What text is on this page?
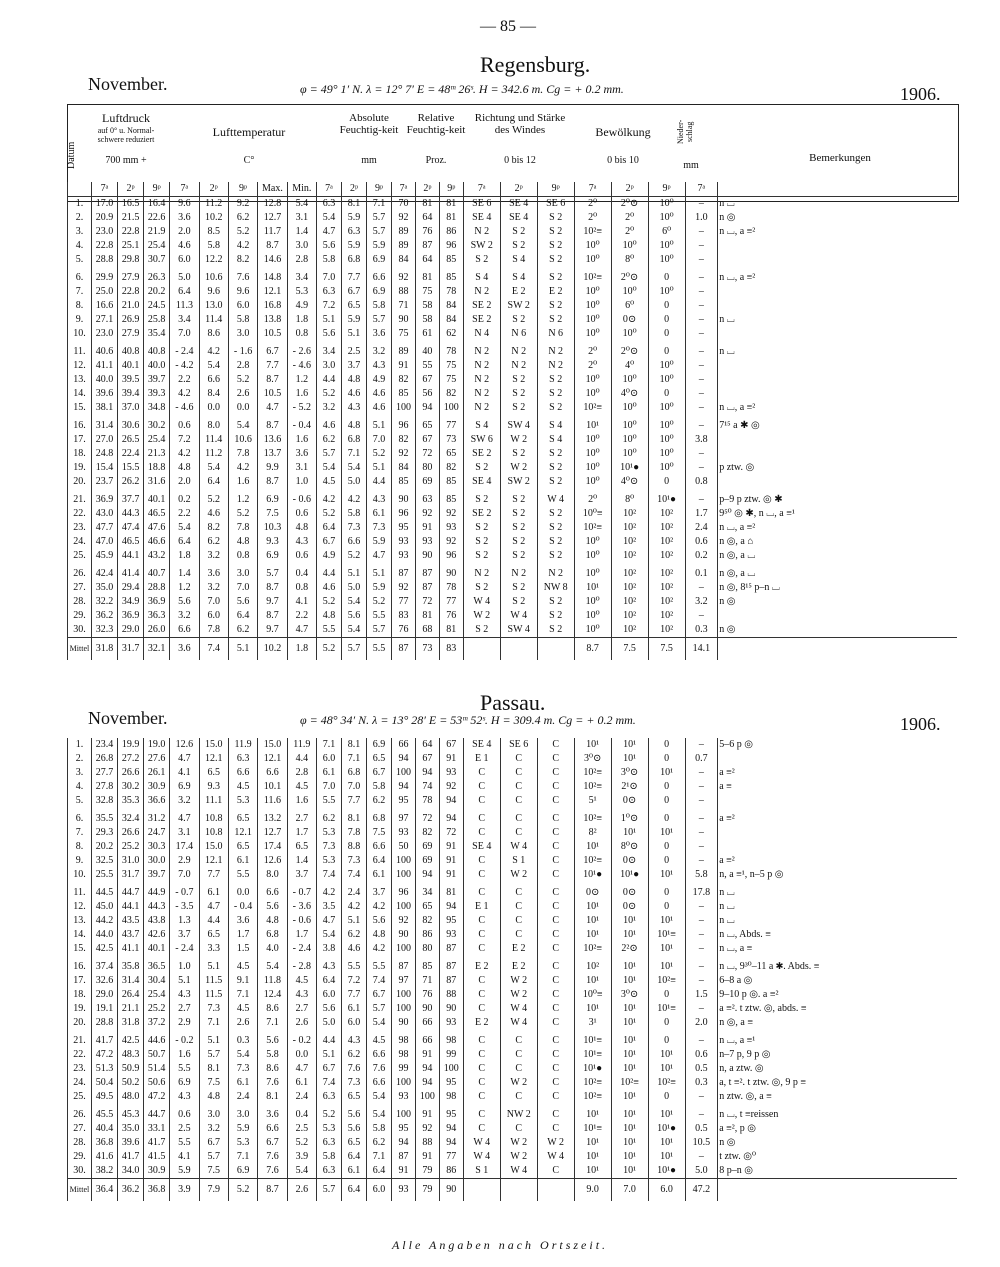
— 85 —
Regensburg.
November.	φ = 49° 1′ N. λ = 12° 7′ E = 48ᵐ 26ˢ. H = 342.6 m. Cg = + 0.2 mm.	1906.
Datum
Luftdruck
auf 0° u. Normal-schwere reduziert
700 mm +
Lufttemperatur
C°
Absolute Feuchtig-keit
mm
Relative Feuchtig-keit
Proz.
Richtung und Stärke des Windes
0 bis 12
Bewölkung
0 bis 10
Nieder-schlag
mm
Bemerkungen
	7ᵃ	2ᵖ	9ᵖ	7ᵃ	2ᵖ	9ᵖ	Max.	Min.	7ᵃ	2ᵖ	9ᵖ	7ᵃ	2ᵖ	9ᵖ	7ᵃ	2ᵖ	9ᵖ	7ᵃ	2ᵖ	9ᵖ	7ᵃ	
1.	17.0	16.5	16.4	9.6	11.2	9.2	12.8	5.4	6.3	8.1	7.1	70	81	81	SE 6	SE 4	SE 6	2⁰	2⁰⊙	10⁰	–	n ⌴
2.	20.9	21.5	22.6	3.6	10.2	6.2	12.7	3.1	5.4	5.9	5.7	92	64	81	SE 4	SE 4	S 2	2⁰	2⁰	10⁰	1.0	n ◎
3.	23.0	22.8	21.9	2.0	8.5	5.2	11.7	1.4	4.7	6.3	5.7	89	76	86	N 2	S 2	S 2	10²≡	2⁰	6⁰	–	n ⌴, a ≡²
4.	22.8	25.1	25.4	4.6	5.8	4.2	8.7	3.0	5.6	5.9	5.9	89	87	96	SW 2	S 2	S 2	10⁰	10⁰	10⁰	–	
5.	28.8	29.8	30.7	6.0	12.2	8.2	14.6	2.8	5.8	6.8	6.9	84	64	85	S 2	S 4	S 2	10⁰	8⁰	10⁰	–	

6.	29.9	27.9	26.3	5.0	10.6	7.6	14.8	3.4	7.0	7.7	6.6	92	81	85	S 4	S 4	S 2	10²≡	2⁰⊙	0	–	n ⌴, a ≡²
7.	25.0	22.8	20.2	6.4	9.6	9.6	12.1	5.3	6.3	6.7	6.9	88	75	78	N 2	E 2	E 2	10⁰	10⁰	10⁰	–	
8.	16.6	21.0	24.5	11.3	13.0	6.0	16.8	4.9	7.2	6.5	5.8	71	58	84	SE 2	SW 2	S 2	10⁰	6⁰	0	–	
9.	27.1	26.9	25.8	3.4	11.4	5.8	13.8	1.8	5.1	5.9	5.7	90	58	84	SE 2	S 2	S 2	10⁰	0⊙	0	–	n ⌴
10.	23.0	27.9	35.4	7.0	8.6	3.0	10.5	0.8	5.6	5.1	3.6	75	61	62	N 4	N 6	N 6	10⁰	10⁰	0	–	

11.	40.6	40.8	40.8	- 2.4	4.2	- 1.6	6.7	- 2.6	3.4	2.5	3.2	89	40	78	N 2	N 2	N 2	2⁰	2⁰⊙	0	–	n ⌴
12.	41.1	40.1	40.0	- 4.2	5.4	2.8	7.7	- 4.6	3.0	3.7	4.3	91	55	75	N 2	N 2	N 2	2⁰	4⁰	10⁰	–	
13.	40.0	39.5	39.7	2.2	6.6	5.2	8.7	1.2	4.4	4.8	4.9	82	67	75	N 2	S 2	S 2	10⁰	10⁰	10⁰	–	
14.	39.6	39.4	39.3	4.2	8.4	2.6	10.5	1.6	5.2	4.6	4.6	85	56	82	N 2	S 2	S 2	10⁰	4⁰⊙	0	–	
15.	38.1	37.0	34.8	- 4.6	0.0	0.0	4.7	- 5.2	3.2	4.3	4.6	100	94	100	N 2	S 2	S 2	10²≡	10⁰	10⁰	–	n ⌴, a ≡²

16.	31.4	30.6	30.2	0.6	8.0	5.4	8.7	- 0.4	4.6	4.8	5.1	96	65	77	S 4	SW 4	S 4	10¹	10⁰	10⁰	–	7¹⁵ a ✱ ◎
17.	27.0	26.5	25.4	7.2	11.4	10.6	13.6	1.6	6.2	6.8	7.0	82	67	73	SW 6	W 2	S 4	10⁰	10⁰	10⁰	3.8	
18.	24.8	22.4	21.3	4.2	11.2	7.8	13.7	3.6	5.7	7.1	5.2	92	72	65	SE 2	S 2	S 2	10⁰	10⁰	10⁰	–	
19.	15.4	15.5	18.8	4.8	5.4	4.2	9.9	3.1	5.4	5.4	5.1	84	80	82	S 2	W 2	S 2	10⁰	10¹●	10⁰	–	p ztw. ◎
20.	23.7	26.2	31.6	2.0	6.4	1.6	8.7	1.0	4.5	5.0	4.4	85	69	85	SE 4	SW 2	S 2	10⁰	4⁰⊙	0	0.8	

21.	36.9	37.7	40.1	0.2	5.2	1.2	6.9	- 0.6	4.2	4.2	4.3	90	63	85	S 2	S 2	W 4	2⁰	8⁰	10¹●	–	p–9 p ztw. ◎ ✱
22.	43.0	44.3	46.5	2.2	4.6	5.2	7.5	0.6	5.2	5.8	6.1	96	92	92	SE 2	S 2	S 2	10⁰≡	10²	10²	1.7	9⁵⁰ ◎ ✱, n ⌴, a ≡¹
23.	47.7	47.4	47.6	5.4	8.2	7.8	10.3	4.8	6.4	7.3	7.3	95	91	93	S 2	S 2	S 2	10²≡	10²	10²	2.4	n ⌴, a ≡²
24.	47.0	46.5	46.6	6.4	6.2	4.8	9.3	4.3	6.7	6.6	5.9	93	93	92	S 2	S 2	S 2	10⁰	10²	10²	0.6	n ◎, a ⌂
25.	45.9	44.1	43.2	1.8	3.2	0.8	6.9	0.6	4.9	5.2	4.7	93	90	96	S 2	S 2	S 2	10⁰	10²	10²	0.2	n ◎, a ⌴

26.	42.4	41.4	40.7	1.4	3.6	3.0	5.7	0.4	4.4	5.1	5.1	87	87	90	N 2	N 2	N 2	10⁰	10²	10²	0.1	n ◎, a ⌴
27.	35.0	29.4	28.8	1.2	3.2	7.0	8.7	0.8	4.6	5.0	5.9	92	87	78	S 2	S 2	NW 8	10¹	10²	10²	–	n ◎, 8¹⁵ p–n ⌴
28.	32.2	34.9	36.9	5.6	7.0	5.6	9.7	4.1	5.2	5.4	5.2	77	72	77	W 4	S 2	S 2	10⁰	10²	10²	3.2	n ◎
29.	36.2	36.9	36.3	3.2	6.0	6.4	8.7	2.2	4.8	5.6	5.5	83	81	76	W 2	W 4	S 2	10⁰	10²	10²	–	
30.	32.3	29.0	26.0	6.6	7.8	6.2	9.7	4.7	5.5	5.4	5.7	76	68	81	S 2	SW 4	S 2	10⁰	10²	10²	0.3	n ◎
Mittel	31.8	31.7	32.1	3.6	7.4	5.1	10.2	1.8	5.2	5.7	5.5	87	73	83				8.7	7.5	7.5	14.1	
Passau.
November.	φ = 48° 34′ N. λ = 13° 28′ E = 53ᵐ 52ˢ. H = 309.4 m. Cg = + 0.2 mm.	1906.
1.	23.4	19.9	19.0	12.6	15.0	11.9	15.0	11.9	7.1	8.1	6.9	66	64	67	SE 4	SE 6	C	10¹	10¹	0	–	5–6 p ◎
2.	26.8	27.2	27.6	4.7	12.1	6.3	12.1	4.4	6.0	7.1	6.5	94	67	91	E 1	C	C	3⁰⊙	10¹	0	0.7	
3.	27.7	26.6	26.1	4.1	6.5	6.6	6.6	2.8	6.1	6.8	6.7	100	94	93	C	C	C	10²≡	3⁰⊙	10¹	–	a ≡²
4.	27.8	30.2	30.9	6.9	9.3	4.5	10.1	4.5	7.0	7.0	5.8	94	74	92	C	C	C	10²≡	2¹⊙	0	–	a ≡
5.	32.8	35.3	36.6	3.2	11.1	5.3	11.6	1.6	5.5	7.7	6.2	95	78	94	C	C	C	5¹	0⊙	0	–	

6.	35.5	32.4	31.2	4.7	10.8	6.5	13.2	2.7	6.2	8.1	6.8	97	72	94	C	C	C	10²≡	1⁰⊙	0	–	a ≡²
7.	29.3	26.6	24.7	3.1	10.8	12.1	12.7	1.7	5.3	7.8	7.5	93	82	72	C	C	C	8²	10¹	10¹	–	
8.	20.2	25.2	30.3	17.4	15.0	6.5	17.4	6.5	7.3	8.8	6.6	50	69	91	SE 4	W 4	C	10¹	8⁰⊙	0	–	
9.	32.5	31.0	30.0	2.9	12.1	6.1	12.6	1.4	5.3	7.3	6.4	100	69	91	C	S 1	C	10²≡	0⊙	0	–	a ≡²
10.	25.5	31.7	39.7	7.0	7.7	5.5	8.0	3.7	7.4	7.4	6.1	100	94	91	C	W 2	C	10¹●	10¹●	10¹	5.8	n, a ≡¹, n–5 p ◎

11.	44.5	44.7	44.9	- 0.7	6.1	0.0	6.6	- 0.7	4.2	2.4	3.7	96	34	81	C	C	C	0⊙	0⊙	0	17.8	n ⌴
12.	45.0	44.1	44.3	- 3.5	4.7	- 0.4	5.6	- 3.6	3.5	4.2	4.2	100	65	94	E 1	C	C	10¹	0⊙	0	–	n ⌴
13.	44.2	43.5	43.8	1.3	4.4	3.6	4.8	- 0.6	4.7	5.1	5.6	92	82	95	C	C	C	10¹	10¹	10¹	–	n ⌴
14.	44.0	43.7	42.6	3.7	6.5	1.7	6.8	1.7	5.4	6.2	4.8	90	86	93	C	C	C	10¹	10¹	10¹≡	–	n ⌴, Abds. ≡
15.	42.5	41.1	40.1	- 2.4	3.3	1.5	4.0	- 2.4	3.8	4.6	4.2	100	80	87	C	E 2	C	10²≡	2²⊙	10¹	–	n ⌴, a ≡

16.	37.4	35.8	36.5	1.0	5.1	4.5	5.4	- 2.8	4.3	5.5	5.5	87	85	87	E 2	E 2	C	10²	10¹	10¹	–	n ⌴, 9³⁰–11 a ✱. Abds. ≡
17.	32.6	31.4	30.4	5.1	11.5	9.1	11.8	4.5	6.4	7.2	7.4	97	71	87	C	W 2	C	10¹	10¹	10²≡	–	6–8 a ◎
18.	29.0	26.4	25.4	4.3	11.5	7.1	12.4	4.3	6.0	7.7	6.7	100	76	88	C	W 2	C	10⁰≡	3⁰⊙	0	1.5	9–10 p ◎. a ≡²
19.	19.1	21.1	25.2	2.7	7.3	4.5	8.6	2.7	5.6	6.1	5.7	100	90	90	C	W 4	C	10¹	10¹	10¹≡	–	a ≡². t ztw. ◎, abds. ≡
20.	28.8	31.8	37.2	2.9	7.1	2.6	7.1	2.6	5.0	6.0	5.4	90	66	93	E 2	W 4	C	3¹	10¹	0	2.0	n ◎, a ≡

21.	41.7	42.5	44.6	- 0.2	5.1	0.3	5.6	- 0.2	4.4	4.3	4.5	98	66	98	C	C	C	10¹≡	10¹	0	–	n ⌴, a ≡¹
22.	47.2	48.3	50.7	1.6	5.7	5.4	5.8	0.0	5.1	6.2	6.6	98	91	99	C	C	C	10¹≡	10¹	10¹	0.6	n–7 p, 9 p ◎
23.	51.3	50.9	51.4	5.5	8.1	7.3	8.6	4.7	6.7	7.6	7.6	99	94	100	C	C	C	10¹●	10¹	10¹	0.5	n, a ztw. ◎
24.	50.4	50.2	50.6	6.9	7.5	6.1	7.6	6.1	7.4	7.3	6.6	100	94	95	C	W 2	C	10²≡	10²≡	10²≡	0.3	a, t ≡². t ztw. ◎, 9 p ≡
25.	49.5	48.0	47.2	4.3	4.8	2.4	8.1	2.4	6.3	6.5	5.4	93	100	98	C	C	C	10²≡	10¹	0	–	n ztw. ◎, a ≡

26.	45.5	45.3	44.7	0.6	3.0	3.0	3.6	0.4	5.2	5.6	5.4	100	91	95	C	NW 2	C	10¹	10¹	10¹	–	n ⌴, t ≡reissen
27.	40.4	35.0	33.1	2.5	3.2	5.9	6.6	2.5	5.3	5.6	5.8	95	92	94	C	C	C	10¹≡	10¹	10¹●	0.5	a ≡², p ◎
28.	36.8	39.6	41.7	5.5	6.7	5.3	6.7	5.2	6.3	6.5	6.2	94	88	94	W 4	W 2	W 2	10¹	10¹	10¹	10.5	n ◎
29.	41.6	41.7	41.5	4.1	5.7	7.1	7.6	3.9	5.8	6.4	7.1	87	91	77	W 4	W 2	W 4	10¹	10¹	10¹	–	t ztw. ◎⁰
30.	38.2	34.0	30.9	5.9	7.5	6.9	7.6	5.4	6.3	6.1	6.4	91	79	86	S 1	W 4	C	10¹	10¹	10¹●	5.0	8 p–n ◎
Mittel	36.4	36.2	36.8	3.9	7.9	5.2	8.7	2.6	5.7	6.4	6.0	93	79	90				9.0	7.0	6.0	47.2	
Alle Angaben nach Ortszeit.
